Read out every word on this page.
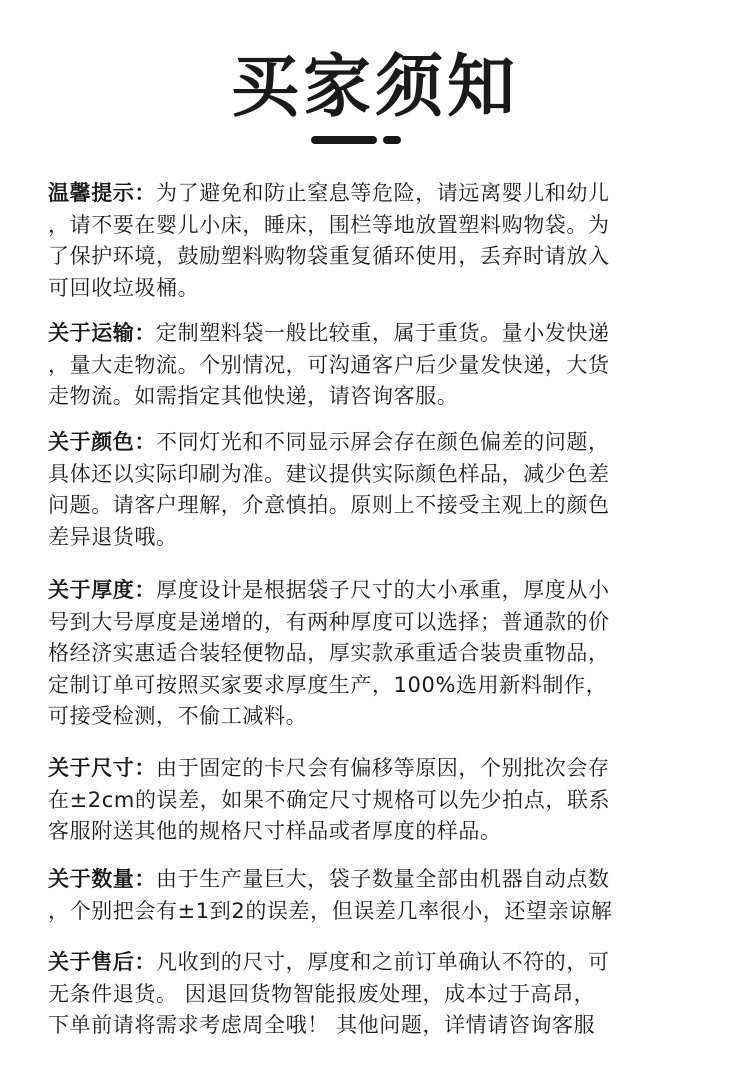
买家须知
温馨提示：为了避免和防止窒息等危险，请远离婴儿和幼儿
，请不要在婴儿小床，睡床，围栏等地放置塑料购物袋。为
了保护环境，鼓励塑料购物袋重复循环使用，丢弃时请放入
可回收垃圾桶。
关于运输：定制塑料袋一般比较重，属于重货。量小发快递
，量大走物流。个别情况，可沟通客户后少量发快递，大货
走物流。如需指定其他快递，请咨询客服。
关于颜色：不同灯光和不同显示屏会存在颜色偏差的问题，
具体还以实际印刷为准。建议提供实际颜色样品，减少色差
问题。请客户理解，介意慎拍。原则上不接受主观上的颜色
差异退货哦。
关于厚度：厚度设计是根据袋子尺寸的大小承重，厚度从小
号到大号厚度是递增的，有两种厚度可以选择；普通款的价
格经济实惠适合装轻便物品，厚实款承重适合装贵重物品，
定制订单可按照买家要求厚度生产，100%选用新料制作，
可接受检测，不偷工减料。
关于尺寸：由于固定的卡尺会有偏移等原因，个别批次会存
在±2cm的误差，如果不确定尺寸规格可以先少拍点，联系
客服附送其他的规格尺寸样品或者厚度的样品。
关于数量：由于生产量巨大，袋子数量全部由机器自动点数
，个别把会有±1到2的误差，但误差几率很小，还望亲谅解
关于售后：凡收到的尺寸，厚度和之前订单确认不符的，可
无条件退货。 因退回货物智能报废处理，成本过于高昂，
下单前请将需求考虑周全哦！ 其他问题，详情请咨询客服
